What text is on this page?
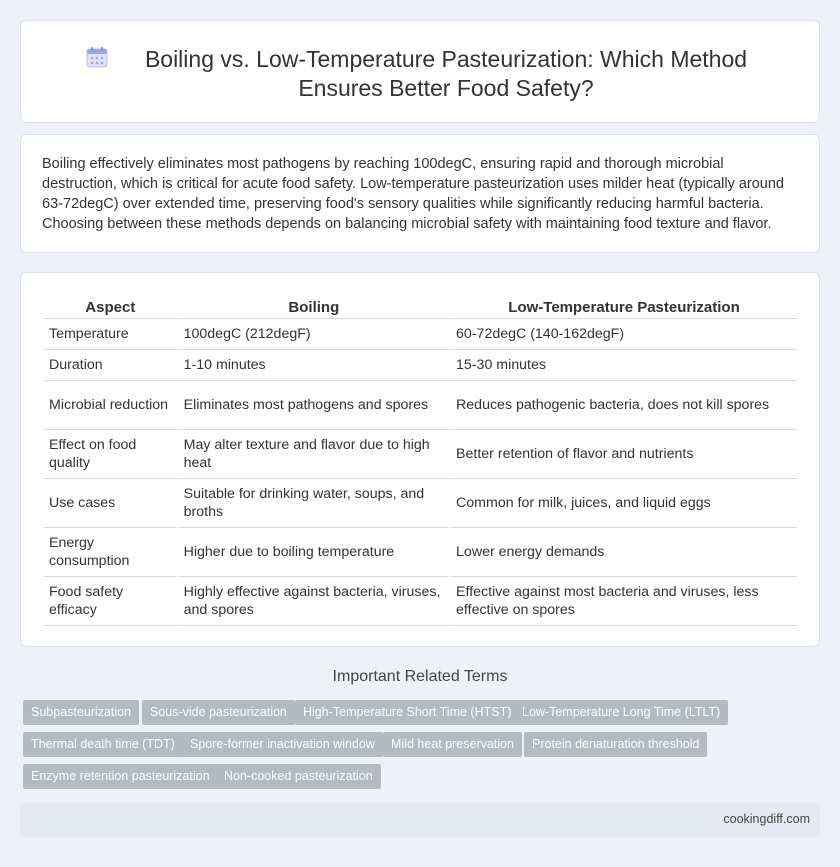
Boiling vs. Low-Temperature Pasteurization: Which Method Ensures Better Food Safety?

Boiling effectively eliminates most pathogens by reaching 100degC, ensuring rapid and thorough microbial destruction, which is critical for acute food safety. Low-temperature pasteurization uses milder heat (typically around 63-72degC) over extended time, preserving food's sensory qualities while significantly reducing harmful bacteria. Choosing between these methods depends on balancing microbial safety with maintaining food texture and flavor.

Aspect	Boiling	Low-Temperature Pasteurization
Temperature	100degC (212degF)	60-72degC (140-162degF)
Duration	1-10 minutes	15-30 minutes
Microbial reduction	Eliminates most pathogens and spores	Reduces pathogenic bacteria, does not kill spores
Effect on food quality	May alter texture and flavor due to high heat	Better retention of flavor and nutrients
Use cases	Suitable for drinking water, soups, and broths	Common for milk, juices, and liquid eggs
Energy consumption	Higher due to boiling temperature	Lower energy demands
Food safety efficacy	Highly effective against bacteria, viruses, and spores	Effective against most bacteria and viruses, less effective on spores
Important Related Terms
Subpasteurization	Sous-vide pasteurization	High-Temperature Short Time (HTST) Low-Temperature Long Time (LTLT)
Thermal death time (TDT)	Spore-former inactivation window	Mild heat preservation	Protein denaturation threshold
Enzyme retention pasteurization	Non-cooked pasteurization
cookingdiff.com
